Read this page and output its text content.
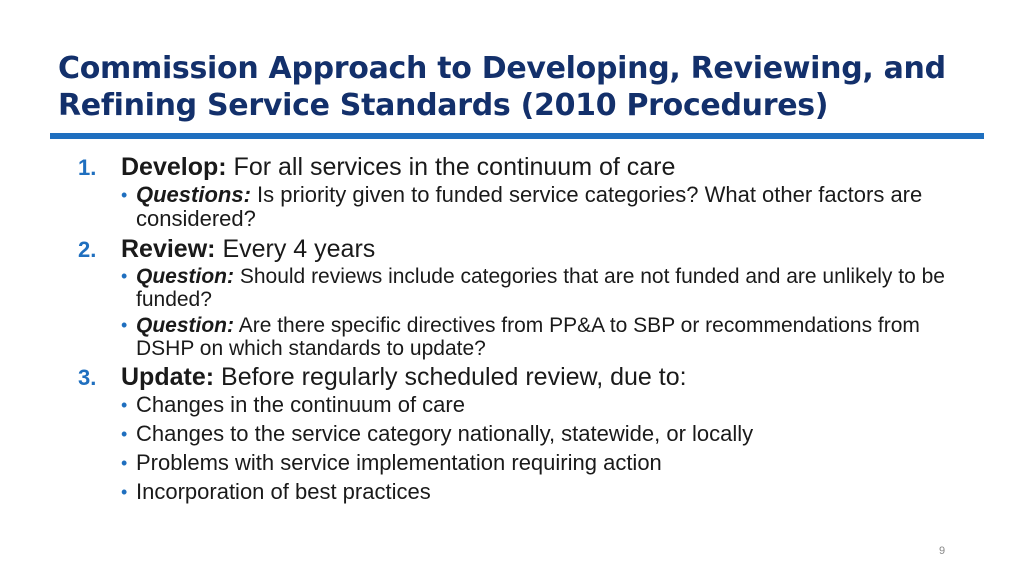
Commission Approach to Developing, Reviewing, and Refining Service Standards (2010 Procedures)
1. Develop: For all services in the continuum of care
• Questions: Is priority given to funded service categories? What other factors are considered?
2. Review: Every 4 years
• Question: Should reviews include categories that are not funded and are unlikely to be funded?
• Question: Are there specific directives from PP&A to SBP or recommendations from DSHP on which standards to update?
3. Update: Before regularly scheduled review, due to:
• Changes in the continuum of care
• Changes to the service category nationally, statewide, or locally
• Problems with service implementation requiring action
• Incorporation of best practices
9
